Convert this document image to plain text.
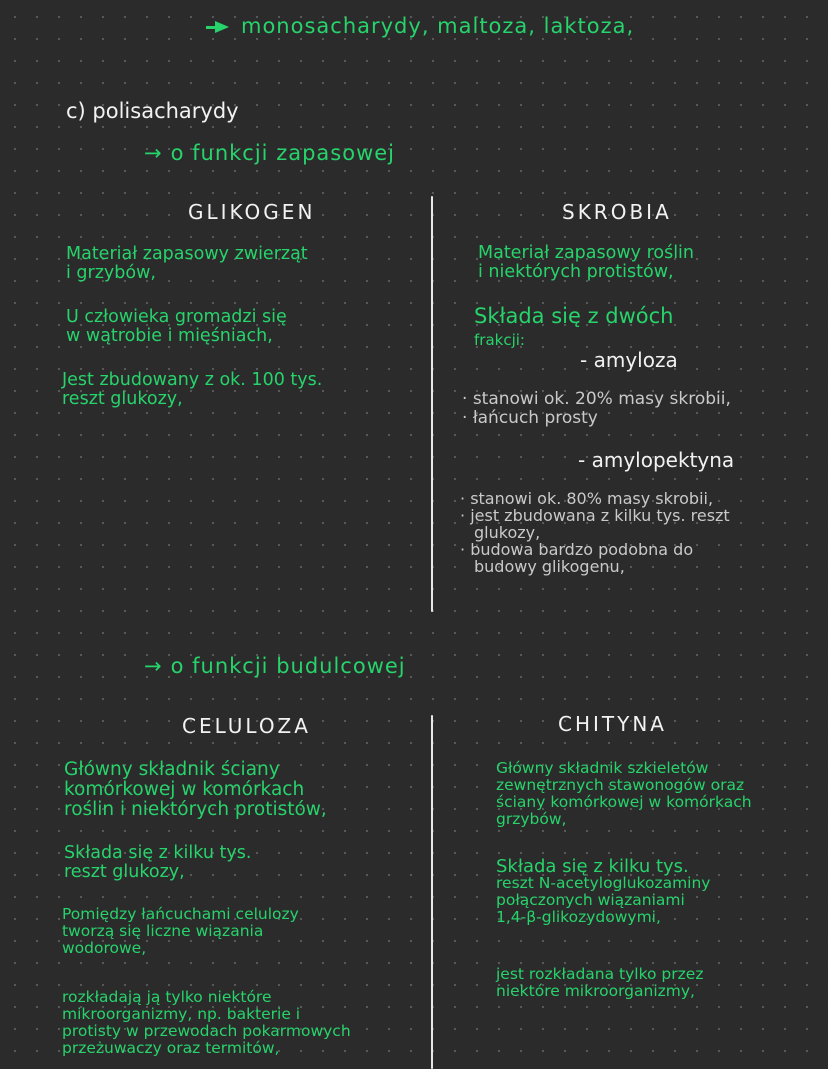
monosacharydy, maltoza, laktoza,
c) polisacharydy
→ o funkcji zapasowej
GLIKOGEN
Materiał zapasowy zwierząt
i grzybów,
U człowieka gromadzi się
w wątrobie i mięśniach,
Jest zbudowany z ok. 100 tys.
reszt glukozy,
SKROBIA
Materiał zapasowy roślin
i niektórych protistów,
Składa się z dwóch
frakcji:
- amyloza
· stanowi ok. 20% masy skrobii,
· łańcuch prosty
- amylopektyna
· stanowi ok. 80% masy skrobii,
· jest zbudowana z kilku tys. reszt
glukozy,
· budowa bardzo podobna do
budowy glikogenu,
→ o funkcji budulcowej
CELULOZA
Główny składnik ściany
komórkowej w komórkach
roślin i niektórych protistów,
Składa się z kilku tys.
reszt glukozy,
Pomiędzy łańcuchami celulozy
tworzą się liczne wiązania
wodorowe,
rozkładają ją tylko niektóre
mikroorganizmy, np. bakterie i
protisty w przewodach pokarmowych
przeżuwaczy oraz termitów,
CHITYNA
Główny składnik szkieletów
zewnętrznych stawonogów oraz
ściany komórkowej w komórkach
grzybów,
Składa się z kilku tys.
reszt N-acetyloglukozaminy
połączonych wiązaniami
1,4-β-glikozydowymi,
jest rozkładana tylko przez
niektóre mikroorganizmy,
